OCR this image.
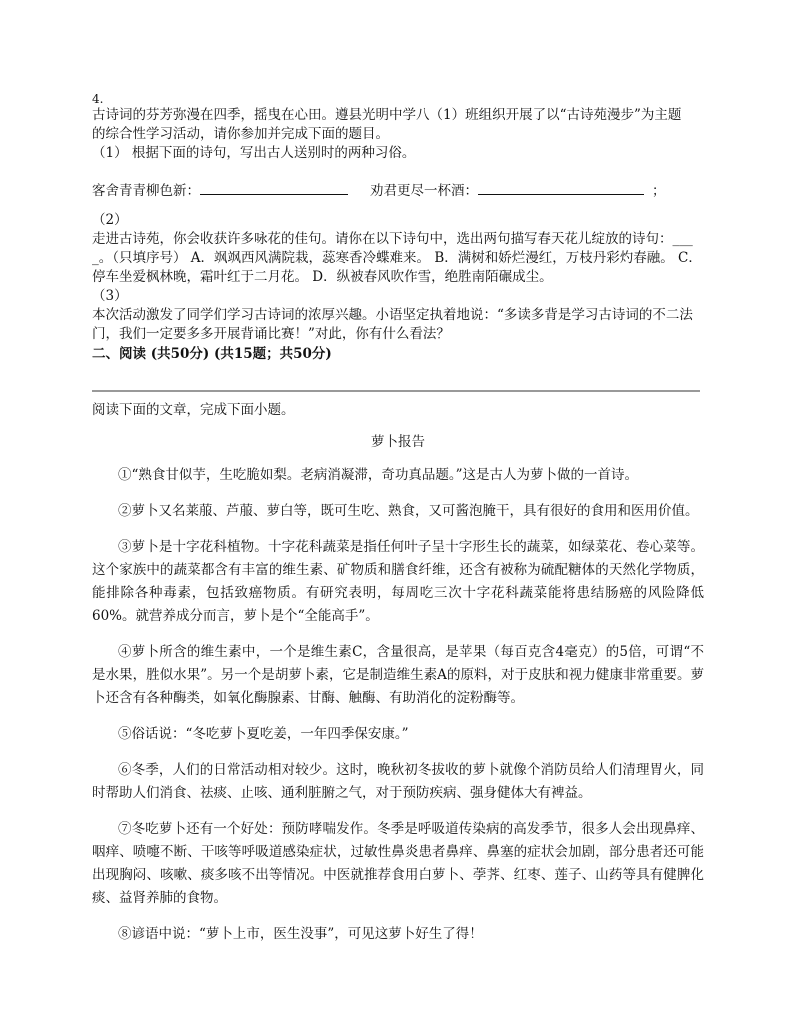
4.
古诗词的芬芳弥漫在四季，摇曳在心田。遵县光明中学八（1）班组织开展了以“古诗苑漫步”为主题
的综合性学习活动，请你参加并完成下面的题目。
（1） 根据下面的诗句，写出古人送别时的两种习俗。
客舍青青柳色新：	劝君更尽一杯酒：	；
（2）
走进古诗苑，你会收获许多咏花的佳句。请你在以下诗句中，选出两句描写春天花儿绽放的诗句：___
_。（只填序号） A．飒飒西风满院栽，蕊寒香冷蝶难来。 B．满树和娇烂漫红，万枝丹彩灼春融。 C．
停车坐爱枫林晚，霜叶红于二月花。 D．纵被春风吹作雪，绝胜南陌碾成尘。
（3）
本次活动激发了同学们学习古诗词的浓厚兴趣。小语坚定执着地说：“多读多背是学习古诗词的不二法
门，我们一定要多多开展背诵比赛！”对此，你有什么看法？
二、阅读 (共50分) (共15题；共50分)
阅读下面的文章，完成下面小题。
萝卜报告

①“熟食甘似芋，生吃脆如梨。老病消凝滞，奇功真品题。”这是古人为萝卜做的一首诗。

②萝卜又名莱菔、芦菔、萝白等，既可生吃、熟食，又可酱泡腌干，具有很好的食用和医用价值。

③萝卜是十字花科植物。十字花科蔬菜是指任何叶子呈十字形生长的蔬菜，如绿菜花、卷心菜等。这个家族中的蔬菜都含有丰富的维生素、矿物质和膳食纤维，还含有被称为硫配糖体的天然化学物质，能排除各种毒素，包括致癌物质。有研究表明，每周吃三次十字花科蔬菜能将患结肠癌的风险降低60%。就营养成分而言，萝卜是个“全能高手”。

④萝卜所含的维生素中，一个是维生素C，含量很高，是苹果（每百克含4毫克）的5倍，可谓“不是水果，胜似水果”。另一个是胡萝卜素，它是制造维生素A的原料，对于皮肤和视力健康非常重要。萝卜还含有各种酶类，如氧化酶腺素、甘酶、触酶、有助消化的淀粉酶等。

⑤俗话说：“冬吃萝卜夏吃姜，一年四季保安康。”

⑥冬季，人们的日常活动相对较少。这时，晚秋初冬拔收的萝卜就像个消防员给人们清理胃火，同时帮助人们消食、祛痰、止咳、通利脏腑之气，对于预防疾病、强身健体大有裨益。

⑦冬吃萝卜还有一个好处：预防哮喘发作。冬季是呼吸道传染病的高发季节，很多人会出现鼻痒、咽痒、喷嚏不断、干咳等呼吸道感染症状，过敏性鼻炎患者鼻痒、鼻塞的症状会加剧，部分患者还可能出现胸闷、咳嗽、痰多咳不出等情况。中医就推荐食用白萝卜、荸荠、红枣、莲子、山药等具有健脾化痰、益肾养肺的食物。

⑧谚语中说：“萝卜上市，医生没事”，可见这萝卜好生了得！
